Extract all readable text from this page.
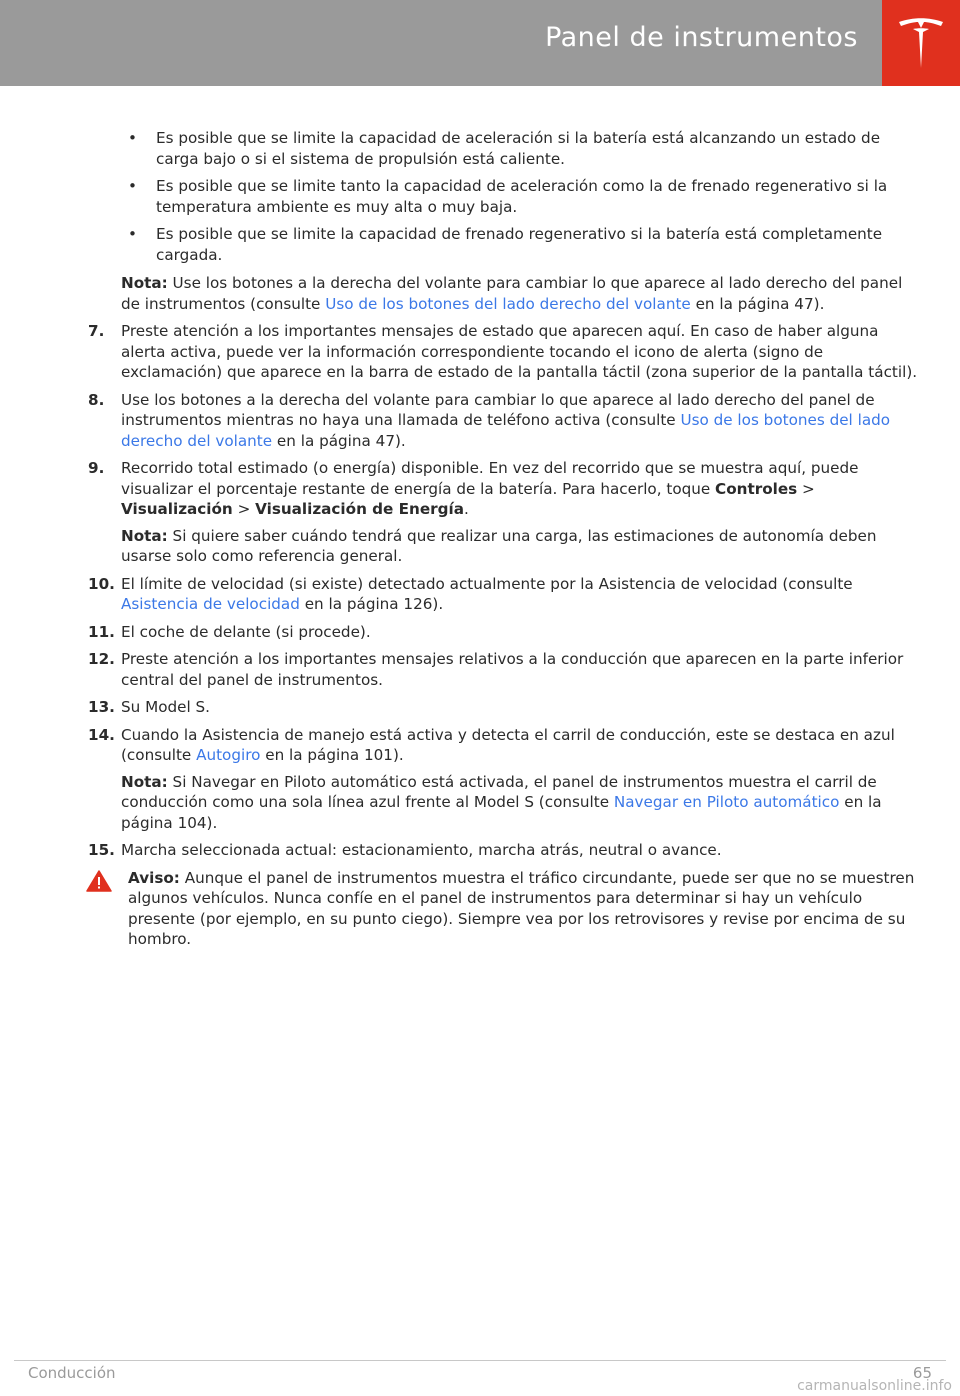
Panel de instrumentos
• Es posible que se limite la capacidad de aceleración si la batería está alcanzando un estado de carga bajo o si el sistema de propulsión está caliente.
• Es posible que se limite tanto la capacidad de aceleración como la de frenado regenerativo si la temperatura ambiente es muy alta o muy baja.
• Es posible que se limite la capacidad de frenado regenerativo si la batería está completamente cargada.

Nota: Use los botones a la derecha del volante para cambiar lo que aparece al lado derecho del panel de instrumentos (consulte Uso de los botones del lado derecho del volante en la página 47).

7. Preste atención a los importantes mensajes de estado que aparecen aquí. En caso de haber alguna alerta activa, puede ver la información correspondiente tocando el icono de alerta (signo de exclamación) que aparece en la barra de estado de la pantalla táctil (zona superior de la pantalla táctil).
8. Use los botones a la derecha del volante para cambiar lo que aparece al lado derecho del panel de instrumentos mientras no haya una llamada de teléfono activa (consulte Uso de los botones del lado derecho del volante en la página 47).
9. Recorrido total estimado (o energía) disponible. En vez del recorrido que se muestra aquí, puede visualizar el porcentaje restante de energía de la batería. Para hacerlo, toque Controles > Visualización > Visualización de Energía.

Nota: Si quiere saber cuándo tendrá que realizar una carga, las estimaciones de autonomía deben usarse solo como referencia general.

10. El límite de velocidad (si existe) detectado actualmente por la Asistencia de velocidad (consulte Asistencia de velocidad en la página 126).
11. El coche de delante (si procede).
12. Preste atención a los importantes mensajes relativos a la conducción que aparecen en la parte inferior central del panel de instrumentos.
13. Su Model S.
14. Cuando la Asistencia de manejo está activa y detecta el carril de conducción, este se destaca en azul (consulte Autogiro en la página 101).

Nota: Si Navegar en Piloto automático está activada, el panel de instrumentos muestra el carril de conducción como una sola línea azul frente al Model S (consulte Navegar en Piloto automático en la página 104).

15. Marcha seleccionada actual: estacionamiento, marcha atrás, neutral o avance.
Aviso: Aunque el panel de instrumentos muestra el tráfico circundante, puede ser que no se muestren algunos vehículos. Nunca confíe en el panel de instrumentos para determinar si hay un vehículo presente (por ejemplo, en su punto ciego). Siempre vea por los retrovisores y revise por encima de su hombro.
Conducción	65
carmanualsonline.info
